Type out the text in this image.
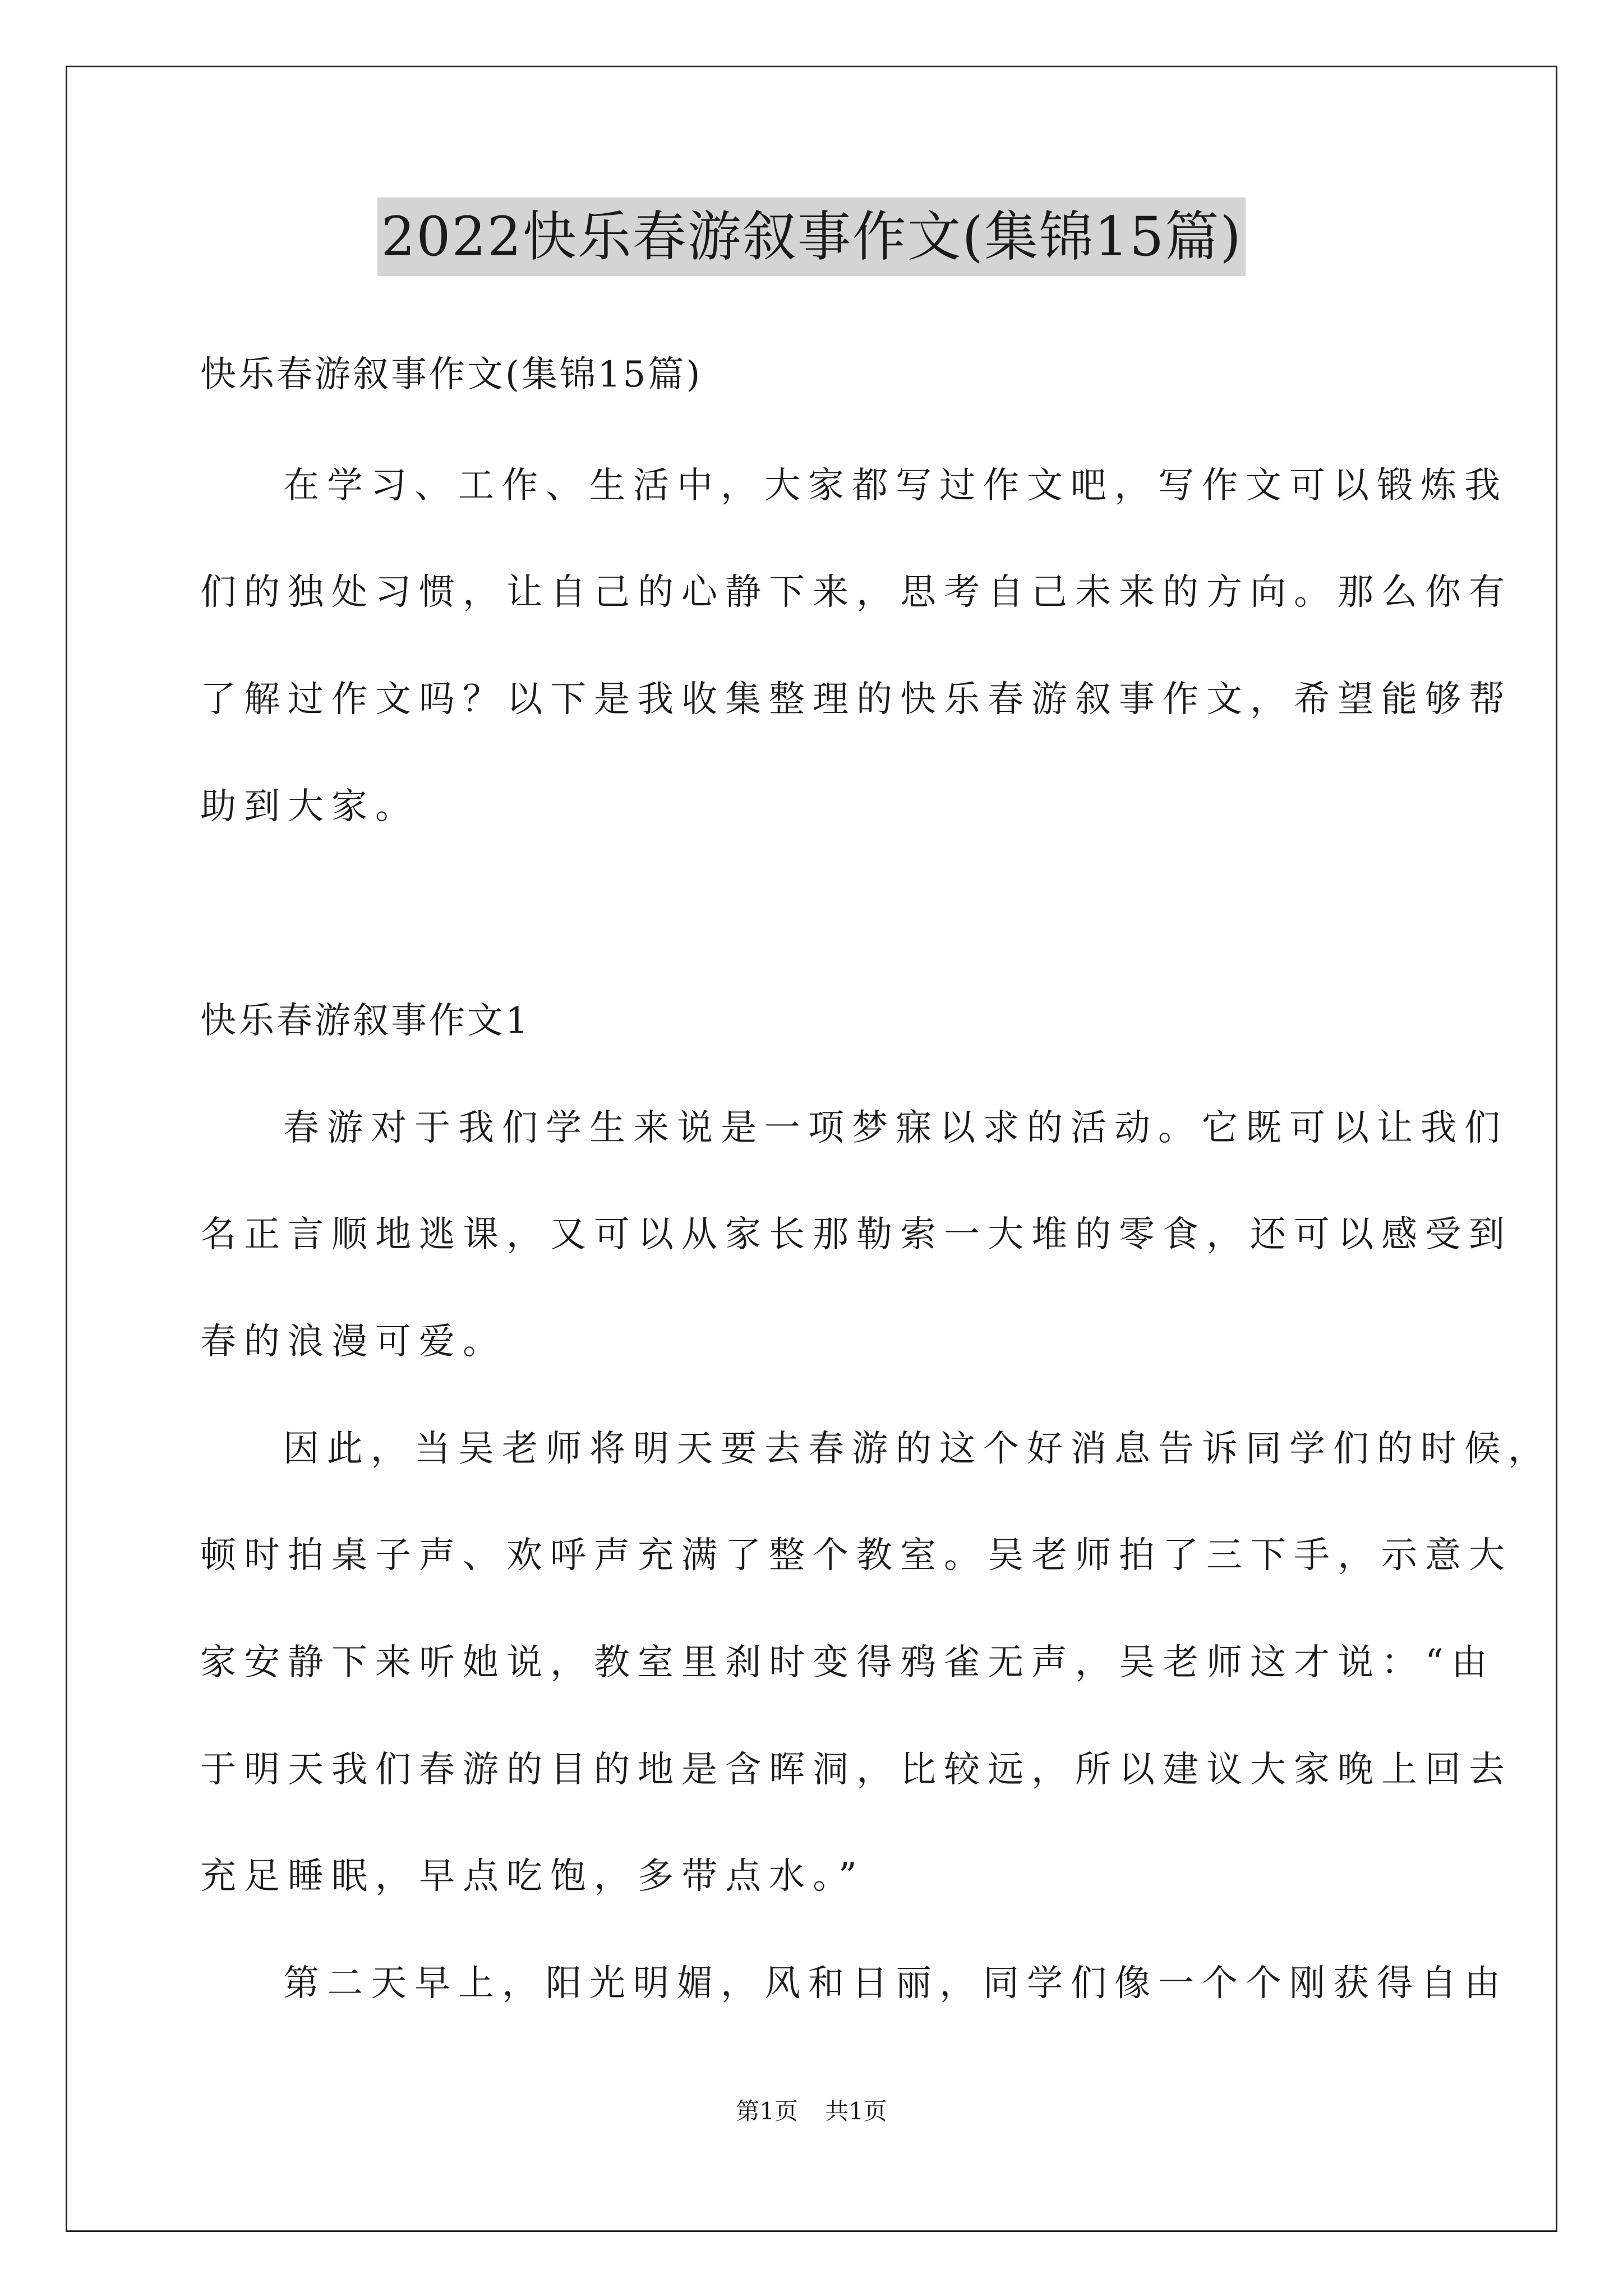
2022快乐春游叙事作文(集锦15篇)
快乐春游叙事作文(集锦15篇)
在学习、工作、生活中，大家都写过作文吧，写作文可以锻炼我
们的独处习惯，让自己的心静下来，思考自己未来的方向。那么你有
了解过作文吗？以下是我收集整理的快乐春游叙事作文，希望能够帮
助到大家。
快乐春游叙事作文1
春游对于我们学生来说是一项梦寐以求的活动。它既可以让我们
名正言顺地逃课，又可以从家长那勒索一大堆的零食，还可以感受到
春的浪漫可爱。
因此，当吴老师将明天要去春游的这个好消息告诉同学们的时候，
顿时拍桌子声、欢呼声充满了整个教室。吴老师拍了三下手，示意大
家安静下来听她说，教室里刹时变得鸦雀无声，吴老师这才说：“由
于明天我们春游的目的地是含晖洞，比较远，所以建议大家晚上回去
充足睡眠，早点吃饱，多带点水。”
第二天早上，阳光明媚，风和日丽，同学们像一个个刚获得自由
第1页 共1页
